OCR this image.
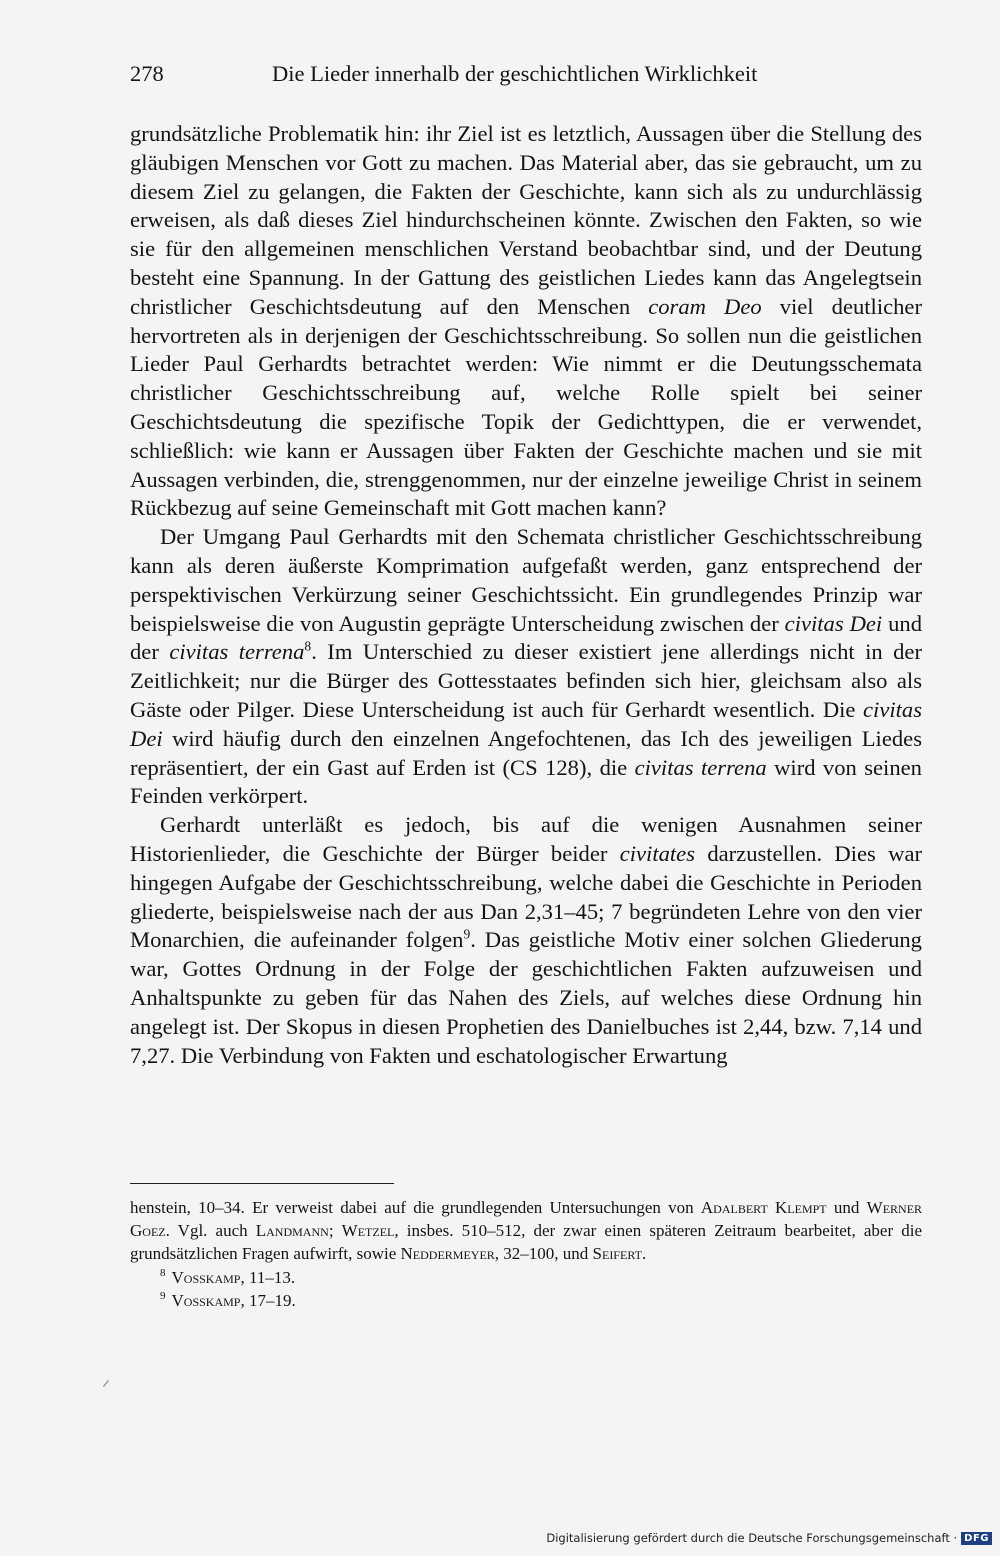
278	Die Lieder innerhalb der geschichtlichen Wirklichkeit

grundsätzliche Problematik hin: ihr Ziel ist es letztlich, Aussagen über die Stellung des gläubigen Menschen vor Gott zu machen. Das Material aber, das sie gebraucht, um zu diesem Ziel zu gelangen, die Fakten der Geschichte, kann sich als zu undurchlässig erweisen, als daß dieses Ziel hindurchscheinen könnte. Zwischen den Fakten, so wie sie für den allgemeinen menschlichen Verstand beobachtbar sind, und der Deutung besteht eine Spannung. In der Gattung des geistlichen Liedes kann das Angelegtsein christlicher Geschichtsdeutung auf den Menschen coram Deo viel deutlicher hervortreten als in derjenigen der Geschichtsschreibung. So sollen nun die geistlichen Lieder Paul Gerhardts betrachtet werden: Wie nimmt er die Deutungsschemata christlicher Geschichtsschreibung auf, welche Rolle spielt bei seiner Geschichtsdeutung die spezifische Topik der Gedichttypen, die er verwendet, schließlich: wie kann er Aussagen über Fakten der Geschichte machen und sie mit Aussagen verbinden, die, strenggenommen, nur der einzelne jeweilige Christ in seinem Rückbezug auf seine Gemeinschaft mit Gott machen kann?

Der Umgang Paul Gerhardts mit den Schemata christlicher Geschichtsschreibung kann als deren äußerste Komprimation aufgefaßt werden, ganz entsprechend der perspektivischen Verkürzung seiner Geschichtssicht. Ein grundlegendes Prinzip war beispielsweise die von Augustin geprägte Unterscheidung zwischen der civitas Dei und der civitas terrena$^8$. Im Unterschied zu dieser existiert jene allerdings nicht in der Zeitlichkeit; nur die Bürger des Gottesstaates befinden sich hier, gleichsam also als Gäste oder Pilger. Diese Unterscheidung ist auch für Gerhardt wesentlich. Die civitas Dei wird häufig durch den einzelnen Angefochtenen, das Ich des jeweiligen Liedes repräsentiert, der ein Gast auf Erden ist (CS 128), die civitas terrena wird von seinen Feinden verkörpert.

Gerhardt unterläßt es jedoch, bis auf die wenigen Ausnahmen seiner Historienlieder, die Geschichte der Bürger beider civitates darzustellen. Dies war hingegen Aufgabe der Geschichtsschreibung, welche dabei die Geschichte in Perioden gliederte, beispielsweise nach der aus Dan 2,31–45; 7 begründeten Lehre von den vier Monarchien, die aufeinander folgen$^9$. Das geistliche Motiv einer solchen Gliederung war, Gottes Ordnung in der Folge der geschichtlichen Fakten aufzuweisen und Anhaltspunkte zu geben für das Nahen des Ziels, auf welches diese Ordnung hin angelegt ist. Der Skopus in diesen Prophetien des Danielbuches ist 2,44, bzw. 7,14 und 7,27. Die Verbindung von Fakten und eschatologischer Erwartung

henstein, 10–34. Er verweist dabei auf die grundlegenden Untersuchungen von Adalbert Klempt und Werner Goez. Vgl. auch Landmann; Wetzel, insbes. 510–512, der zwar einen späteren Zeitraum bearbeitet, aber die grundsätzlichen Fragen aufwirft, sowie Neddermeyer, 32–100, und Seifert.

$^8$ Vosskamp, 11–13.

$^9$ Vosskamp, 17–19.

Digitalisierung gefördert durch die Deutsche Forschungsgemeinschaft · DFG
